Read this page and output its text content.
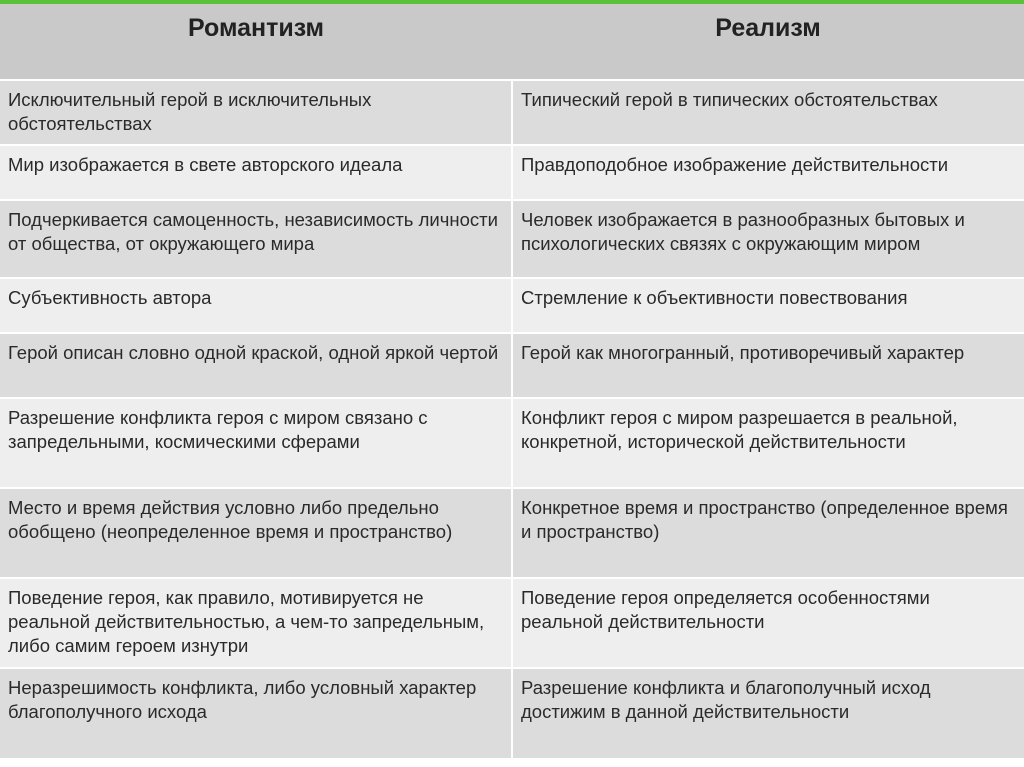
Романтизм	Реализм

Исключительный герой в исключительных обстоятельствах	Типический герой в типических обстоятельствах
Мир изображается в свете авторского идеала	Правдоподобное изображение действительности
Подчеркивается самоценность, независимость личности от общества, от окружающего мира	Человек изображается в разнообразных бытовых и психологических связях с окружающим миром
Субъективность автора	Стремление к объективности повествования
Герой описан словно одной краской, одной яркой чертой	Герой как многогранный, противоречивый характер
Разрешение конфликта героя с миром связано с запредельными, космическими сферами	Конфликт героя с миром разрешается в реальной, конкретной, исторической действительности
Место и время действия условно либо предельно обобщено (неопределенное время и пространство)	Конкретное время и пространство (определенное время и пространство)
Поведение героя, как правило, мотивируется не реальной действительностью, а чем-то запредельным, либо самим героем изнутри	Поведение героя определяется особенностями реальной действительности
Неразрешимость конфликта, либо условный характер благополучного исхода	Разрешение конфликта и благополучный исход достижим в данной действительности
